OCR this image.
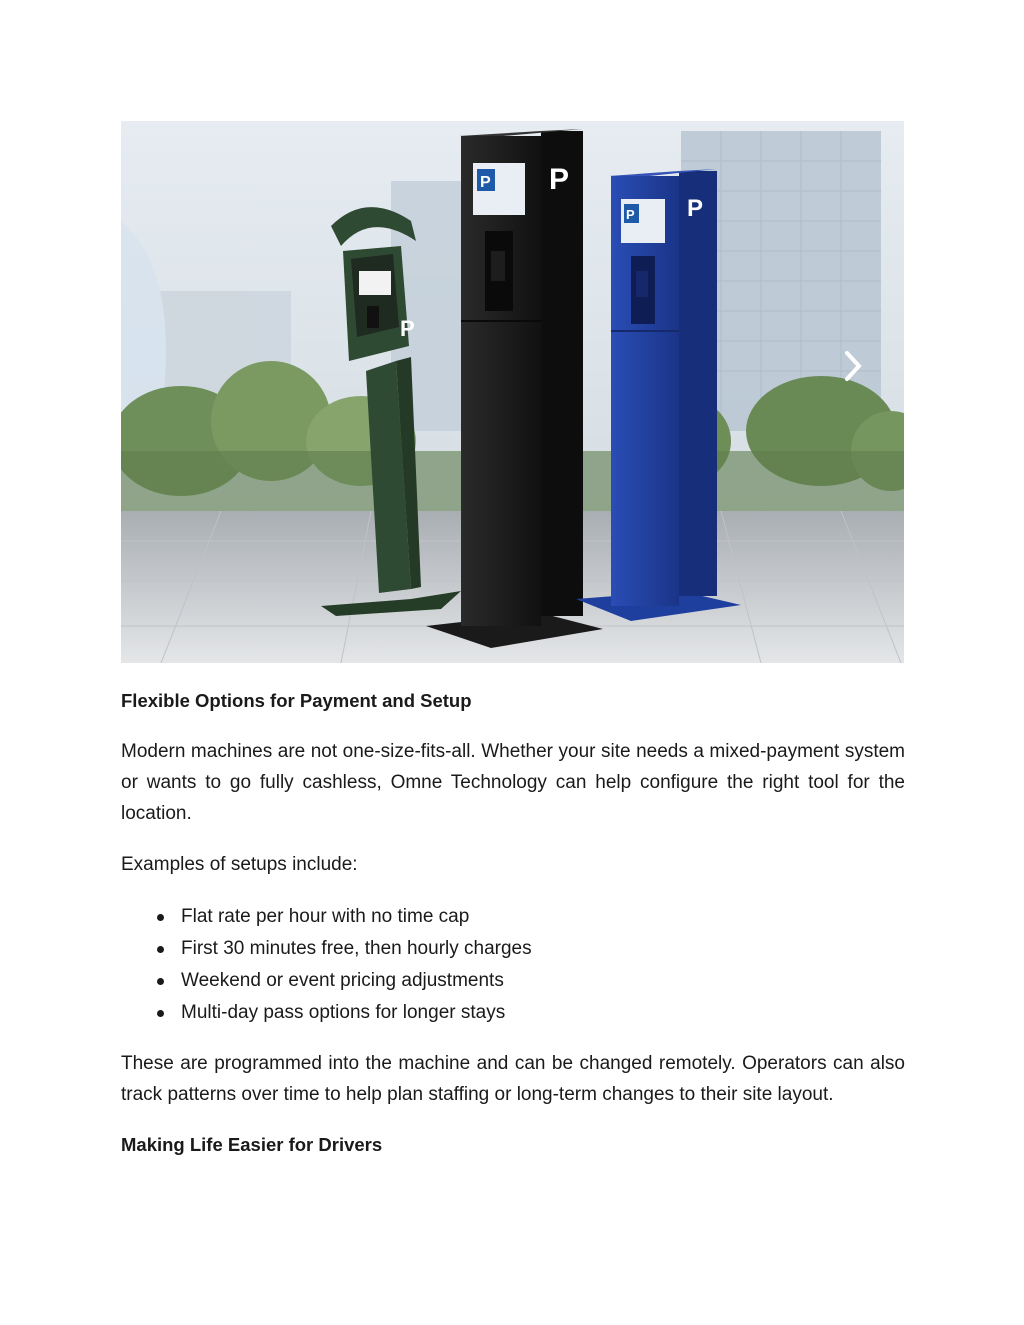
P
P P
P P
Flexible Options for Payment and Setup

Modern machines are not one-size-fits-all. Whether your site needs a mixed-payment system or wants to go fully cashless, Omne Technology can help configure the right tool for the location.

Examples of setups include:

Flat rate per hour with no time cap
First 30 minutes free, then hourly charges
Weekend or event pricing adjustments
Multi-day pass options for longer stays

These are programmed into the machine and can be changed remotely. Operators can also track patterns over time to help plan staffing or long-term changes to their site layout.

Making Life Easier for Drivers
